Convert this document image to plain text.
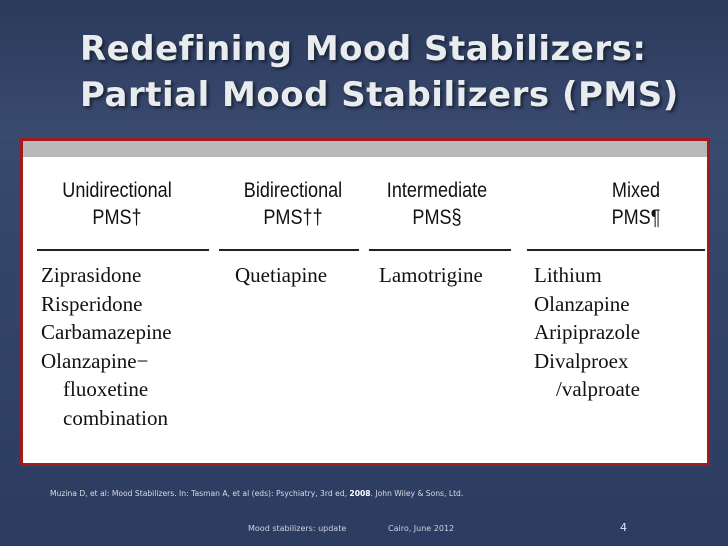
Redefining Mood Stabilizers:
Partial Mood Stabilizers (PMS)
Unidirectional
PMS†
Bidirectional
PMS††
Intermediate
PMS§
Mixed
PMS¶
Ziprasidone
Risperidone
Carbamazepine
Olanzapine−
fluoxetine
combination
Quetiapine Lamotrigine Lithium
Olanzapine
Aripiprazole
Divalproex
/valproate
Muzina D, et al: Mood Stabilizers. In: Tasman A, et al (eds): Psychiatry, 3rd ed, 2008. John Wiley & Sons, Ltd.
Mood stabilizers: update	Cairo, June 2012	4
